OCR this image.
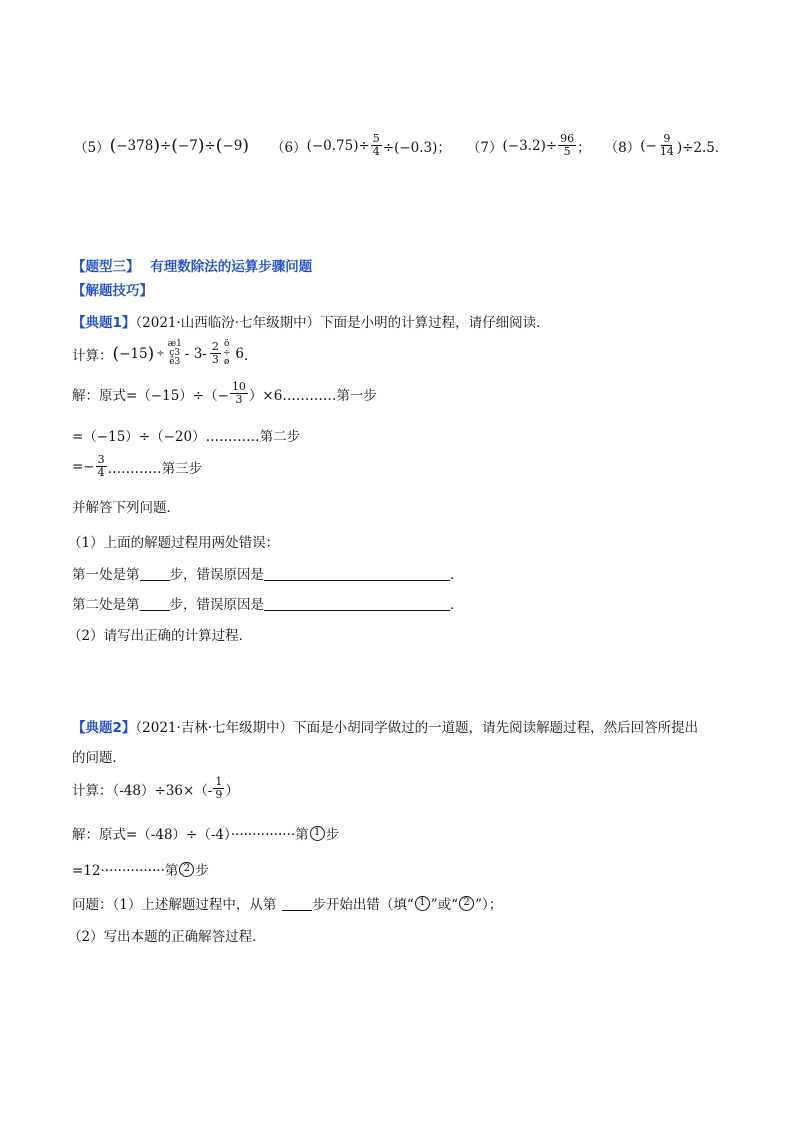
（5） ( −378 ) ÷ ( −7 ) ÷ ( −9 ) （6） $(-0.75)\div \frac{5}{4} \div(-0.3)$； （7） $(-3.2)\div \frac{96}{5}$ ； （8） (− $\frac{9}{14} )\div 2.5$．
【题型三】 有理数除法的运算步骤问题
【解题技巧】
【典题1】（2021·山西临汾·七年级期中）下面是小明的计算过程，请仔细阅读．
计算： ( −15 ) ÷
æ1
ç3
è3
- $3- \frac{2}{3}$ ö
÷
ø
6 ．
解：原式$=(-15)\div(- \frac{10}{3}$ ）×6…………第一步
=（−15）÷（−20）…………第二步
=− $\frac{3}{4}$ …………第三步
并解答下列问题．
（1）上面的解题过程用两处错误：
第一处是第 步，错误原因是	．
第二处是第 步，错误原因是	．
（2）请写出正确的计算过程．
【典题2】（2021·吉林·七年级期中）下面是小胡同学做过的一道题，请先阅读解题过程，然后回答所提出
的问题．
计算：$(-48)\div 36\times(- \frac{1}{9}$ ）
解：原式=（-48）÷（-4）···············第 1 步
=12···············第 2 步
问题：（1）上述解题过程中，从第	步开始出错（填“ 1 ”或“ 2 ”）；
（2）写出本题的正确解答过程．
